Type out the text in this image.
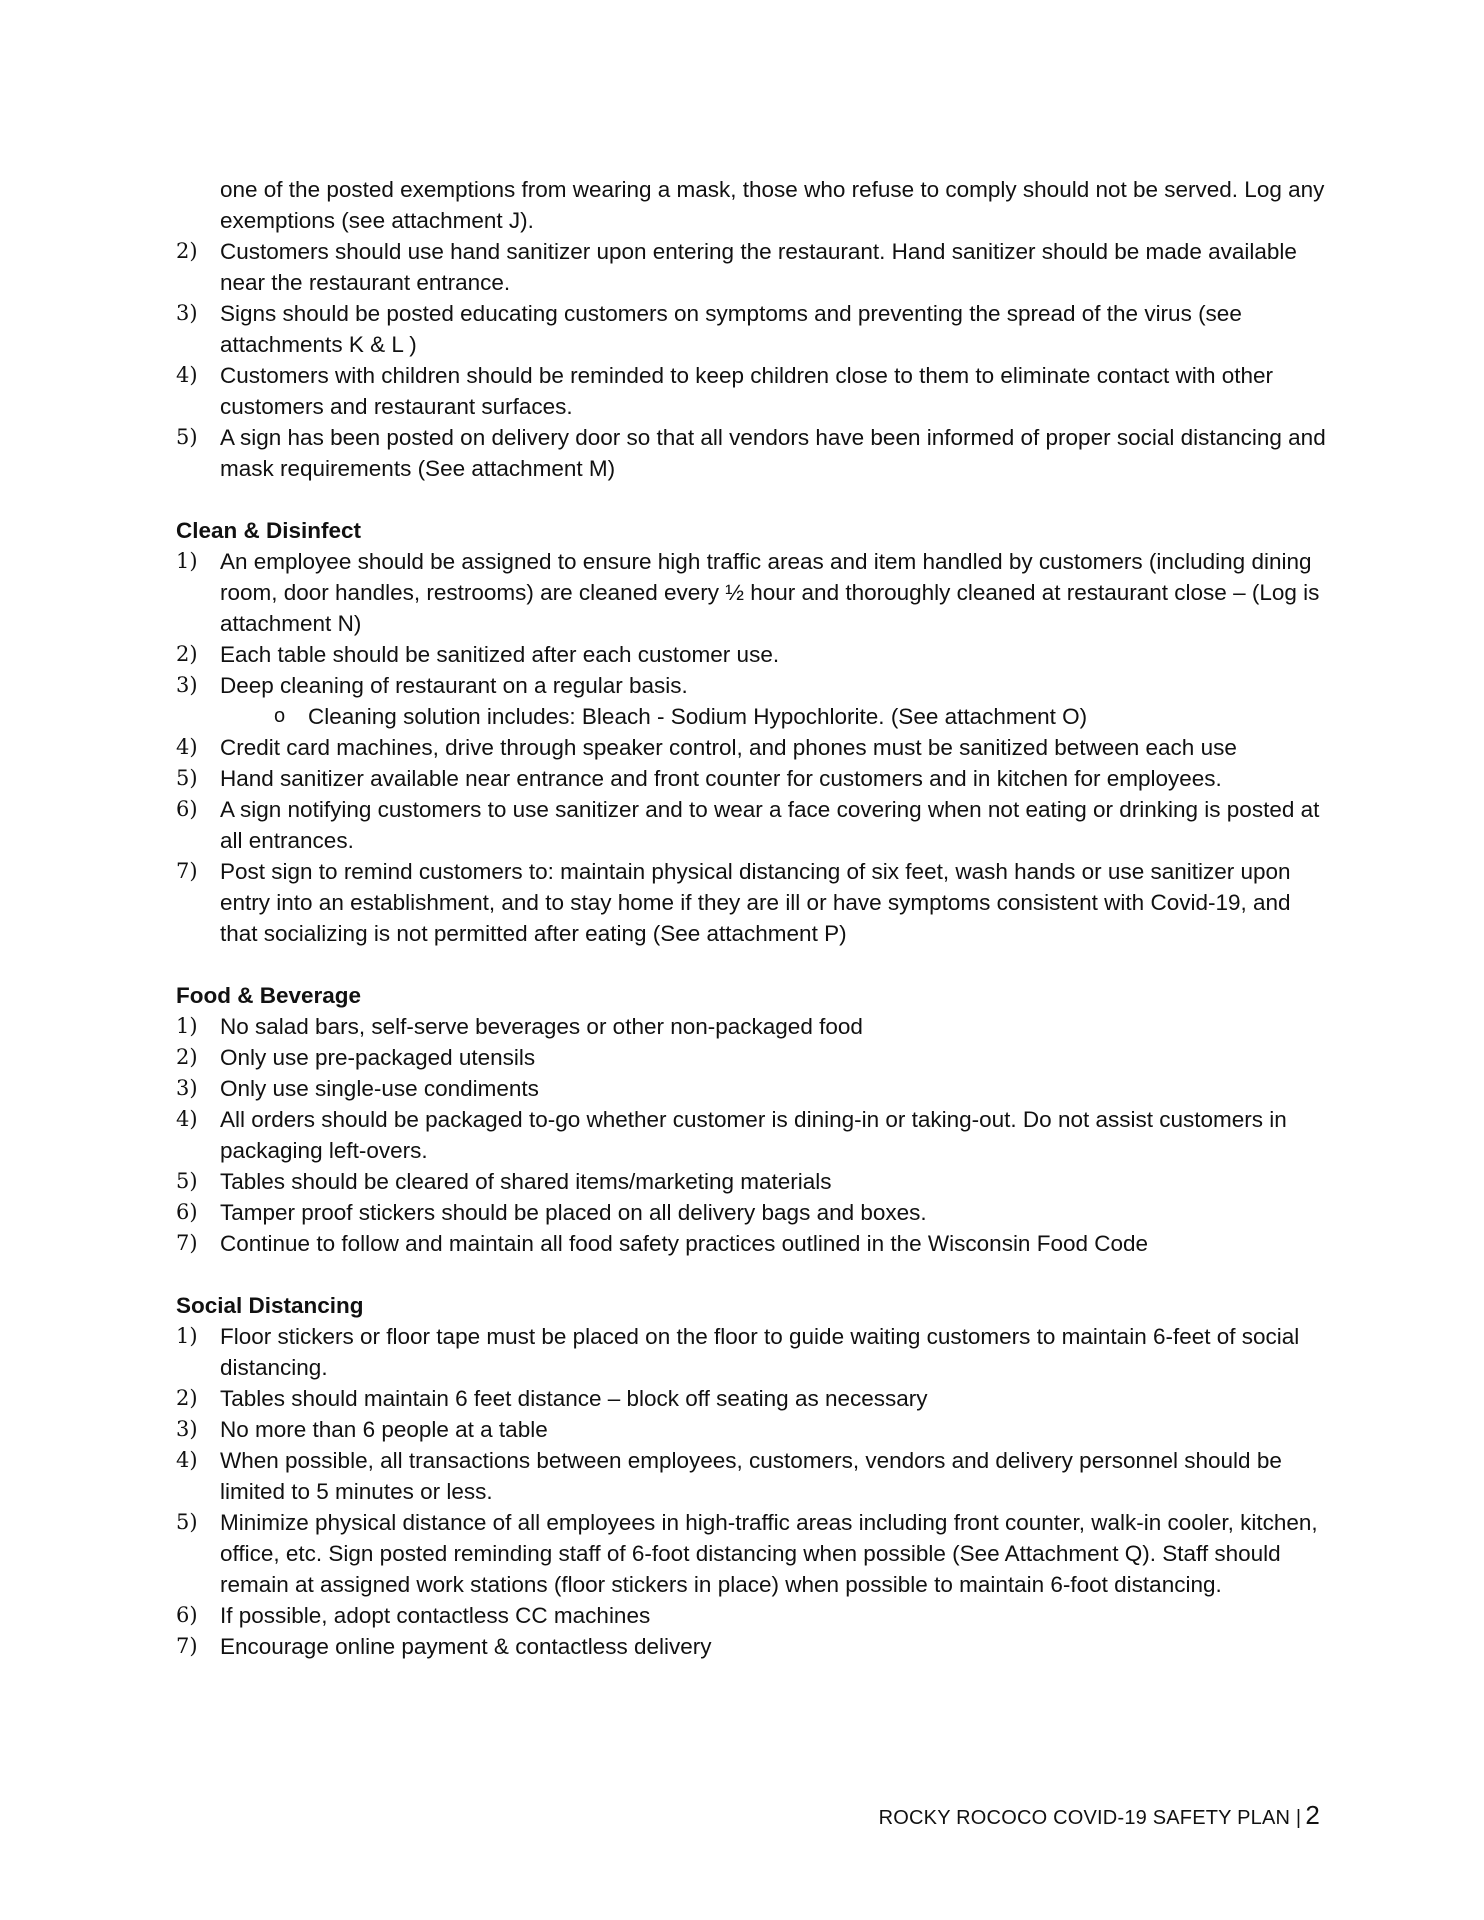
one of the posted exemptions from wearing a mask, those who refuse to comply should not be served. Log any exemptions (see attachment J).
2) Customers should use hand sanitizer upon entering the restaurant. Hand sanitizer should be made available near the restaurant entrance.
3) Signs should be posted educating customers on symptoms and preventing the spread of the virus (see attachments K & L )
4) Customers with children should be reminded to keep children close to them to eliminate contact with other customers and restaurant surfaces.
5) A sign has been posted on delivery door so that all vendors have been informed of proper social distancing and mask requirements (See attachment M)
Clean & Disinfect
1) An employee should be assigned to ensure high traffic areas and item handled by customers (including dining room, door handles, restrooms) are cleaned every ½ hour and thoroughly cleaned at restaurant close – (Log is attachment N)
2) Each table should be sanitized after each customer use.
3) Deep cleaning of restaurant on a regular basis.
o Cleaning solution includes: Bleach - Sodium Hypochlorite. (See attachment O)
4) Credit card machines, drive through speaker control, and phones must be sanitized between each use
5) Hand sanitizer available near entrance and front counter for customers and in kitchen for employees.
6) A sign notifying customers to use sanitizer and to wear a face covering when not eating or drinking is posted at all entrances.
7) Post sign to remind customers to: maintain physical distancing of six feet, wash hands or use sanitizer upon entry into an establishment, and to stay home if they are ill or have symptoms consistent with Covid-19, and that socializing is not permitted after eating (See attachment P)
Food & Beverage
1) No salad bars, self-serve beverages or other non-packaged food
2) Only use pre-packaged utensils
3) Only use single-use condiments
4) All orders should be packaged to-go whether customer is dining-in or taking-out. Do not assist customers in packaging left-overs.
5) Tables should be cleared of shared items/marketing materials
6) Tamper proof stickers should be placed on all delivery bags and boxes.
7) Continue to follow and maintain all food safety practices outlined in the Wisconsin Food Code
Social Distancing
1) Floor stickers or floor tape must be placed on the floor to guide waiting customers to maintain 6-feet of social distancing.
2) Tables should maintain 6 feet distance – block off seating as necessary
3) No more than 6 people at a table
4) When possible, all transactions between employees, customers, vendors and delivery personnel should be limited to 5 minutes or less.
5) Minimize physical distance of all employees in high-traffic areas including front counter, walk-in cooler, kitchen, office, etc. Sign posted reminding staff of 6-foot distancing when possible (See Attachment Q). Staff should remain at assigned work stations (floor stickers in place) when possible to maintain 6-foot distancing.
6) If possible, adopt contactless CC machines
7) Encourage online payment & contactless delivery
ROCKY ROCOCO COVID-19 SAFETY PLAN | 2
